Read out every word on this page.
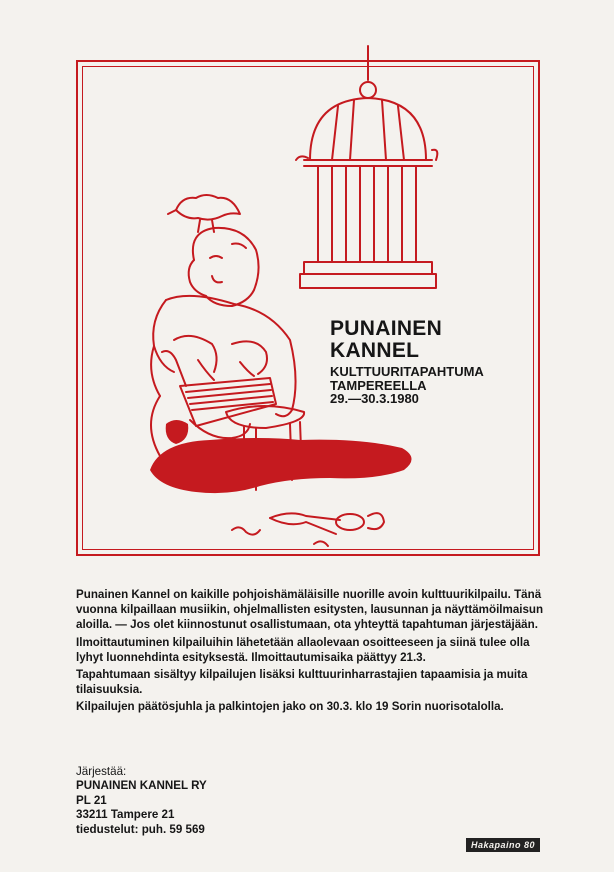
PUNAINEN
KANNEL
KULTTUURITAPAHTUMA
TAMPEREELLA
29.—30.3.1980

Punainen Kannel on kaikille pohjoishämäläisille nuorille avoin kulttuurikilpailu. Tänä vuonna kilpaillaan musiikin, ohjelmallisten esitysten, lausunnan ja näyttämöilmaisun aloilla. — Jos olet kiinnostunut osallistumaan, ota yhteyttä tapahtuman järjestäjään.

Ilmoittautuminen kilpailuihin lähetetään allaolevaan osoitteeseen ja siinä tulee olla lyhyt luonnehdinta esityksestä. Ilmoittautumisaika päättyy 21.3.

Tapahtumaan sisältyy kilpailujen lisäksi kulttuurinharrastajien tapaamisia ja muita tilaisuuksia.

Kilpailujen päätösjuhla ja palkintojen jako on 30.3. klo 19 Sorin nuorisotalolla.

Järjestää:
PUNAINEN KANNEL RY
PL 21
33211 Tampere 21
tiedustelut: puh. 59 569
Hakapaino 80
